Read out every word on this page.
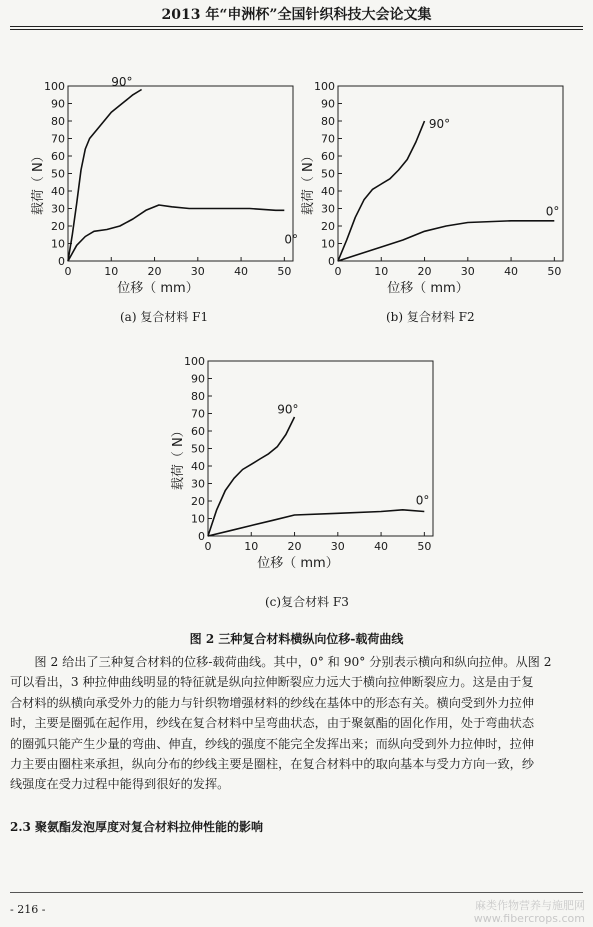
2013 年“申洲杯”全国针织科技大会论文集
0
10
20
30
40
50
60
70
80
90
100
0	10	20	30	40	50
位移（ mm）
载荷（ N）
90°
0°
0
10
20
30
40
50
60
70
80
90
100
0	10	20	30	40	50
位移（ mm）
载荷（ N）
90°
0°
0
10
20
30
40
50
60
70
80
90
100
0	10	20	30	40	50
位移（ mm）
载荷（ N）
90°
0°
(a) 复合材料 F1	(b) 复合材料 F2
(c)复合材料 F3
图 2 三种复合材料横纵向位移-载荷曲线
图 2 给出了三种复合材料的位移-载荷曲线。其中，0° 和 90° 分别表示横向和纵向拉伸。从图 2
可以看出，3 种拉伸曲线明显的特征就是纵向拉伸断裂应力远大于横向拉伸断裂应力。这是由于复
合材料的纵横向承受外力的能力与针织物增强材料的纱线在基体中的形态有关。横向受到外力拉伸
时，主要是圈弧在起作用，纱线在复合材料中呈弯曲状态，由于聚氨酯的固化作用，处于弯曲状态
的圈弧只能产生少量的弯曲、伸直，纱线的强度不能完全发挥出来；而纵向受到外力拉伸时，拉伸
力主要由圈柱来承担，纵向分布的纱线主要是圈柱，在复合材料中的取向基本与受力方向一致，纱
线强度在受力过程中能得到很好的发挥。
2.3 聚氨酯发泡厚度对复合材料拉伸性能的影响
- 216 -	麻类作物营养与施肥网
www.fibercrops.com
